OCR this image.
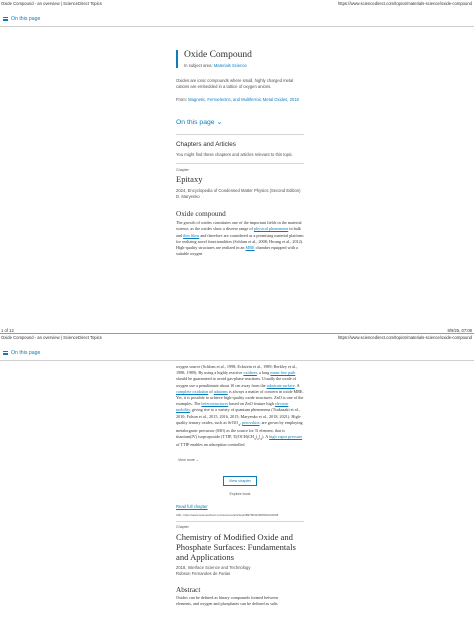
Oxide Compound - an overview | ScienceDirect Topics	https://www.sciencedirect.com/topics/materials-science/oxide-compound
On this page
Oxide Compound
In subject area: Materials Science
Oxides are ionic compounds where small, highly charged metal cations are embedded in a lattice of oxygen anions.
From: Magnetic, Ferroelectric, and Multiferroic Metal Oxides, 2018
On this page ⌄
Chapters and Articles
You might find these chapters and articles relevant to this topic.
Chapter
Epitaxy
2024, Encyclopedia of Condensed Matter Physics (Second Edition)
D. Maryenko
Oxide compound
The growth of oxides constitutes one of the important fields in the material science, as the oxides show a diverse range of physical phenomena in bulk and thin films and therefore are considered as a promising material platform for realizing novel functionalities (Schlom et al., 2008; Hwang et al., 2012). High-quality structures are realized in an MBE chamber equipped with a suitable oxygen
1 of 12	8/9/25, 07:08
Oxide Compound - an overview | ScienceDirect Topics	https://www.sciencedirect.com/topics/materials-science/oxide-compound
On this page
oxygen source (Schlom et al., 1998; Eckstein et al., 1989; Berkley et al., 1988, 1989). By using a highly reactive oxidizer, a long mean free path should be guaranteed to avoid gas-phase reactions. Usually the oxide of oxygen use a penultimate about 10 cm away from the substrate surface. A complete oxidation of adatoms is always a matter of concern in oxide MBE. Yet, it is possible to achieve high-quality oxide structures. ZnO is one of the examples. The heterostructures based on ZnO feature high electron mobility, giving rise to a variety of quantum phenomena (Tsukazaki et al., 2010; Falson et al., 2015, 2016, 2015; Maryenko et al., 2018, 2021). High-quality ternary oxides, such as SrTiO$_3$, perovskite, are grown by employing metalorganic precursor (MO) as the source for Ti element, that is titanium(IV) isopropoxide (TTIP, $Ti[OCH(CH_3)_2]_4$). A high vapor pressure of TTIP enables an adsorption controlled
View more ⌄
View chapter
Explore book
Read full chapter
URL: https://www.sciencedirect.com/science/article/pii/B9780323908001000008
Chapter
Chemistry of Modified Oxide and Phosphate Surfaces: Fundamentals and Applications
2018, Interface Science and Technology
Robson Fernandes de Farias
Abstract
Oxides can be defined as binary compounds formed between
elements, and oxygen and phosphates can be defined as salts
